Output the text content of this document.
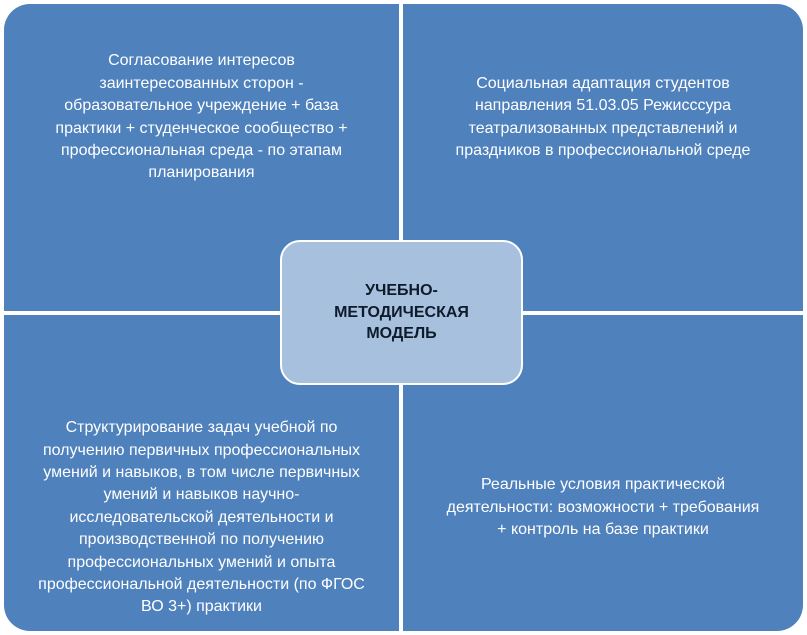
Согласование интересов
заинтересованных сторон -
образовательное учреждение + база
практики + студенческое сообщество +
профессиональная среда - по этапам
планирования
Социальная адаптация студентов
направления 51.03.05 Режисссура
театрализованных представлений и
праздников в профессиональной среде
Структурирование задач учебной по
получению первичных профессиональных
умений и навыков, в том числе первичных
умений и навыков научно-
исследовательской деятельности и
производственной по получению
профессиональных умений и опыта
профессиональной деятельности (по ФГОС
ВО 3+) практики
Реальные условия практической
деятельности: возможности + требования
+ контроль на базе практики
УЧЕБНО-
МЕТОДИЧЕСКАЯ
МОДЕЛЬ
